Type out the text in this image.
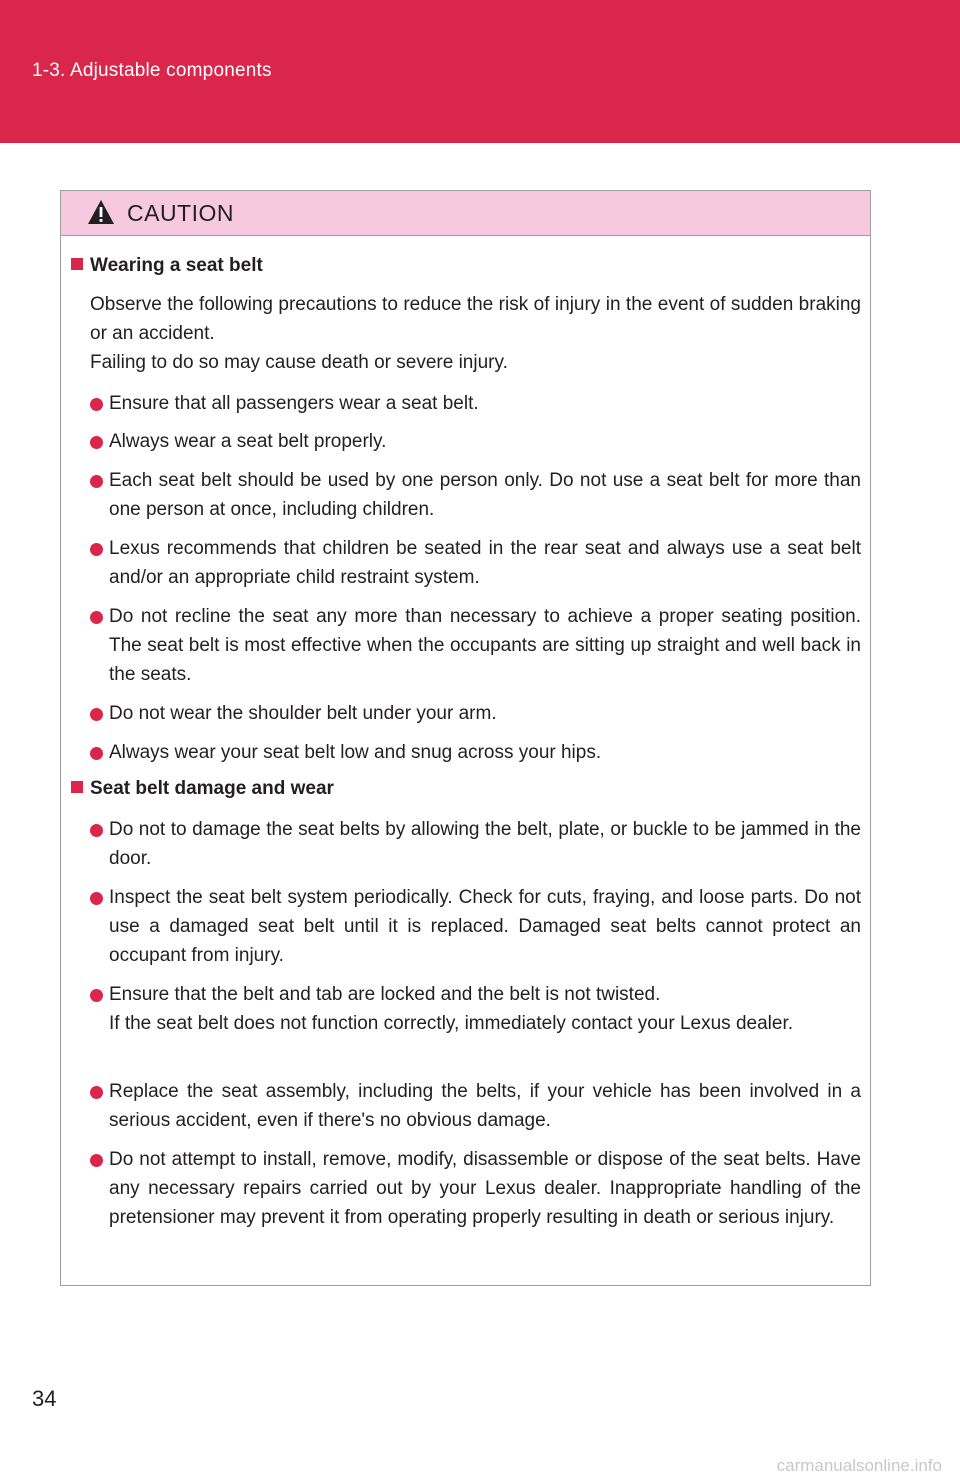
1-3. Adjustable components
CAUTION
Wearing a seat belt
Observe the following precautions to reduce the risk of injury in the event of sudden braking or an accident.
Failing to do so may cause death or severe injury.
Ensure that all passengers wear a seat belt.
Always wear a seat belt properly.
Each seat belt should be used by one person only. Do not use a seat belt for more than one person at once, including children.
Lexus recommends that children be seated in the rear seat and always use a seat belt and/or an appropriate child restraint system.
Do not recline the seat any more than necessary to achieve a proper seating position. The seat belt is most effective when the occupants are sitting up straight and well back in the seats.
Do not wear the shoulder belt under your arm.
Always wear your seat belt low and snug across your hips.
Seat belt damage and wear
Do not to damage the seat belts by allowing the belt, plate, or buckle to be jammed in the door.
Inspect the seat belt system periodically. Check for cuts, fraying, and loose parts. Do not use a damaged seat belt until it is replaced. Damaged seat belts cannot protect an occupant from injury.
Ensure that the belt and tab are locked and the belt is not twisted.
If the seat belt does not function correctly, immediately contact your Lexus dealer.
Replace the seat assembly, including the belts, if your vehicle has been involved in a serious accident, even if there's no obvious damage.
Do not attempt to install, remove, modify, disassemble or dispose of the seat belts. Have any necessary repairs carried out by your Lexus dealer. Inappropriate handling of the pretensioner may prevent it from operating properly resulting in death or serious injury.
34
carmanualsonline.info
